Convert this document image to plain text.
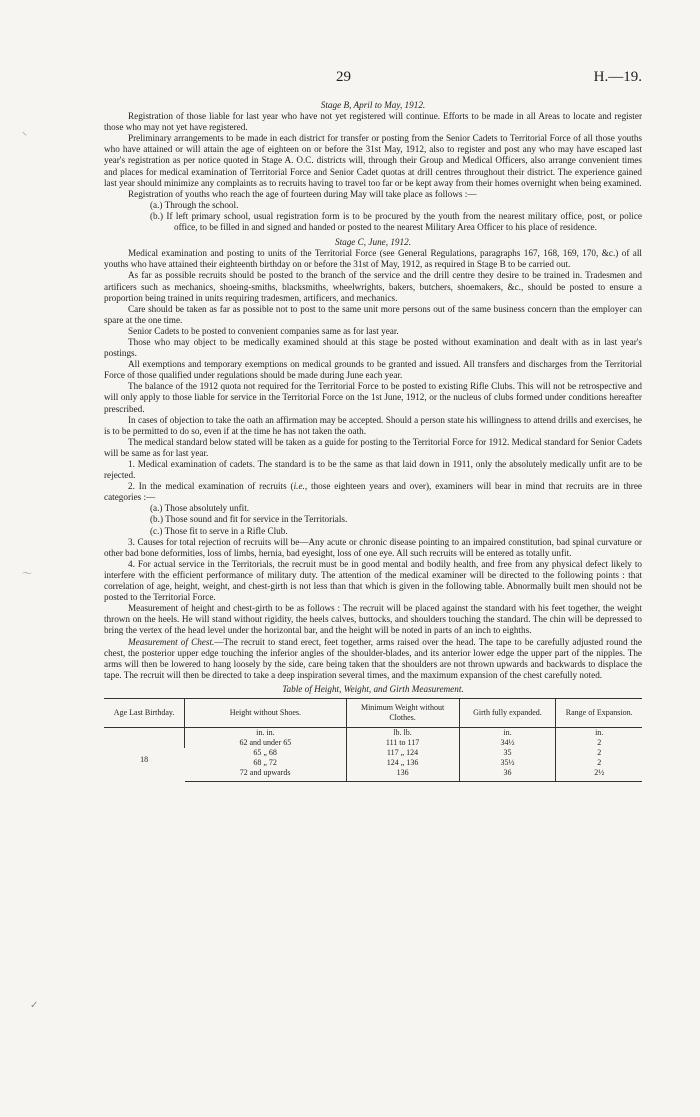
29	H.—19.

Stage B, April to May, 1912.

Registration of those liable for last year who have not yet registered will continue. Efforts to be made in all Areas to locate and register those who may not yet have registered.

Preliminary arrangements to be made in each district for transfer or posting from the Senior Cadets to Territorial Force of all those youths who have attained or will attain the age of eighteen on or before the 31st May, 1912, also to register and post any who may have escaped last year's registration as per notice quoted in Stage A. O.C. districts will, through their Group and Medical Officers, also arrange convenient times and places for medical examination of Territorial Force and Senior Cadet quotas at drill centres throughout their district. The experience gained last year should minimize any complaints as to recruits having to travel too far or be kept away from their homes overnight when being examined.

Registration of youths who reach the age of fourteen during May will take place as follows :—

(a.) Through the school.

(b.) If left primary school, usual registration form is to be procured by the youth from the nearest military office, post, or police office, to be filled in and signed and handed or posted to the nearest Military Area Officer to his place of residence.

Stage C, June, 1912.

Medical examination and posting to units of the Territorial Force (see General Regulations, paragraphs 167, 168, 169, 170, &c.) of all youths who have attained their eighteenth birthday on or before the 31st of May, 1912, as required in Stage B to be carried out.

As far as possible recruits should be posted to the branch of the service and the drill centre they desire to be trained in. Tradesmen and artificers such as mechanics, shoeing-smiths, blacksmiths, wheelwrights, bakers, butchers, shoemakers, &c., should be posted to ensure a proportion being trained in units requiring tradesmen, artificers, and mechanics.

Care should be taken as far as possible not to post to the same unit more persons out of the same business concern than the employer can spare at the one time.

Senior Cadets to be posted to convenient companies same as for last year.

Those who may object to be medically examined should at this stage be posted without examination and dealt with as in last year's postings.

All exemptions and temporary exemptions on medical grounds to be granted and issued. All transfers and discharges from the Territorial Force of those qualified under regulations should be made during June each year.

The balance of the 1912 quota not required for the Territorial Force to be posted to existing Rifle Clubs. This will not be retrospective and will only apply to those liable for service in the Territorial Force on the 1st June, 1912, or the nucleus of clubs formed under conditions hereafter prescribed.

In cases of objection to take the oath an affirmation may be accepted. Should a person state his willingness to attend drills and exercises, he is to be permitted to do so, even if at the time he has not taken the oath.

The medical standard below stated will be taken as a guide for posting to the Territorial Force for 1912. Medical standard for Senior Cadets will be same as for last year.

1. Medical examination of cadets. The standard is to be the same as that laid down in 1911, only the absolutely medically unfit are to be rejected.

2. In the medical examination of recruits (i.e., those eighteen years and over), examiners will bear in mind that recruits are in three categories :—

(a.) Those absolutely unfit.

(b.) Those sound and fit for service in the Territorials.

(c.) Those fit to serve in a Rifle Club.

3. Causes for total rejection of recruits will be—Any acute or chronic disease pointing to an impaired constitution, bad spinal curvature or other bad bone deformities, loss of limbs, hernia, bad eyesight, loss of one eye. All such recruits will be entered as totally unfit.

4. For actual service in the Territorials, the recruit must be in good mental and bodily health, and free from any physical defect likely to interfere with the efficient performance of military duty. The attention of the medical examiner will be directed to the following points : that correlation of age, height, weight, and chest-girth is not less than that which is given in the following table. Abnormally built men should not be posted to the Territorial Force.

Measurement of height and chest-girth to be as follows : The recruit will be placed against the standard with his feet together, the weight thrown on the heels. He will stand without rigidity, the heels calves, buttocks, and shoulders touching the standard. The chin will be depressed to bring the vertex of the head level under the horizontal bar, and the height will be noted in parts of an inch to eighths.

Measurement of Chest.—The recruit to stand erect, feet together, arms raised over the head. The tape to be carefully adjusted round the chest, the posterior upper edge touching the inferior angles of the shoulder-blades, and its anterior lower edge the upper part of the nipples. The arms will then be lowered to hang loosely by the side, care being taken that the shoulders are not thrown upwards and backwards to displace the tape. The recruit will then be directed to take a deep inspiration several times, and the maximum expansion of the chest carefully noted.

Table of Height, Weight, and Girth Measurement.

Age Last Birthday.	Height without Shoes.	Minimum Weight without Clothes.	Girth fully expanded.	Range of Expansion.
	in. in.	lb. lb.	in.	in.
18	62 and under 65	111 to 117	34½	2
	65 „ 68	117 „ 124	35	2
	68 „ 72	124 „ 136	35½	2
	72 and upwards	136	36	2½
⸌
〜
✓
